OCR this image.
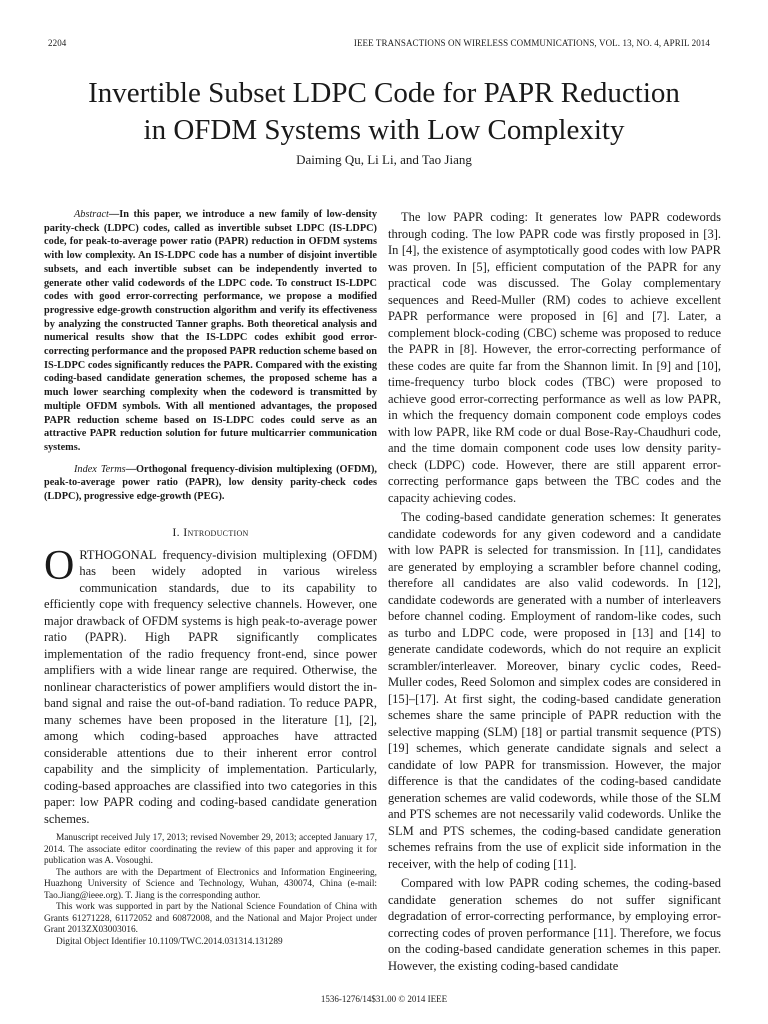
2204	IEEE TRANSACTIONS ON WIRELESS COMMUNICATIONS, VOL. 13, NO. 4, APRIL 2014
Invertible Subset LDPC Code for PAPR Reduction
in OFDM Systems with Low Complexity
Daiming Qu, Li Li, and Tao Jiang

Abstract—In this paper, we introduce a new family of low-density parity-check (LDPC) codes, called as invertible subset LDPC (IS-LDPC) code, for peak-to-average power ratio (PAPR) reduction in OFDM systems with low complexity. An IS-LDPC code has a number of disjoint invertible subsets, and each invertible subset can be independently inverted to generate other valid codewords of the LDPC code. To construct IS-LDPC codes with good error-correcting performance, we propose a modified progressive edge-growth construction algorithm and verify its effectiveness by analyzing the constructed Tanner graphs. Both theoretical analysis and numerical results show that the IS-LDPC codes exhibit good error-correcting performance and the proposed PAPR reduction scheme based on IS-LDPC codes significantly reduces the PAPR. Compared with the existing coding-based candidate generation schemes, the proposed scheme has a much lower searching complexity when the codeword is transmitted by multiple OFDM symbols. With all mentioned advantages, the proposed PAPR reduction scheme based on IS-LDPC codes could serve as an attractive PAPR reduction solution for future multicarrier communication systems.

Index Terms—Orthogonal frequency-division multiplexing (OFDM), peak-to-average power ratio (PAPR), low density parity-check codes (LDPC), progressive edge-growth (PEG).

I. Introduction

ORTHOGONAL frequency-division multiplexing (OFDM) has been widely adopted in various wireless communication standards, due to its capability to efficiently cope with frequency selective channels. However, one major drawback of OFDM systems is high peak-to-average power ratio (PAPR). High PAPR significantly complicates implementation of the radio frequency front-end, since power amplifiers with a wide linear range are required. Otherwise, the nonlinear characteristics of power amplifiers would distort the in-band signal and raise the out-of-band radiation. To reduce PAPR, many schemes have been proposed in the literature [1], [2], among which coding-based approaches have attracted considerable attentions due to their inherent error control capability and the simplicity of implementation. Particularly, coding-based approaches are classified into two categories in this paper: low PAPR coding and coding-based candidate generation schemes.

Manuscript received July 17, 2013; revised November 29, 2013; accepted January 17, 2014. The associate editor coordinating the review of this paper and approving it for publication was A. Vosoughi.

The authors are with the Department of Electronics and Information Engineering, Huazhong University of Science and Technology, Wuhan, 430074, China (e-mail: Tao.Jiang@ieee.org). T. Jiang is the corresponding author.

This work was supported in part by the National Science Foundation of China with Grants 61271228, 61172052 and 60872008, and the National and Major Project under Grant 2013ZX03003016.

Digital Object Identifier 10.1109/TWC.2014.031314.131289

The low PAPR coding: It generates low PAPR codewords through coding. The low PAPR code was firstly proposed in [3]. In [4], the existence of asymptotically good codes with low PAPR was proven. In [5], efficient computation of the PAPR for any practical code was discussed. The Golay complementary sequences and Reed-Muller (RM) codes to achieve excellent PAPR performance were proposed in [6] and [7]. Later, a complement block-coding (CBC) scheme was proposed to reduce the PAPR in [8]. However, the error-correcting performance of these codes are quite far from the Shannon limit. In [9] and [10], time-frequency turbo block codes (TBC) were proposed to achieve good error-correcting performance as well as low PAPR, in which the frequency domain component code employs codes with low PAPR, like RM code or dual Bose-Ray-Chaudhuri code, and the time domain component code uses low density parity-check (LDPC) code. However, there are still apparent error-correcting performance gaps between the TBC codes and the capacity achieving codes.

The coding-based candidate generation schemes: It generates candidate codewords for any given codeword and a candidate with low PAPR is selected for transmission. In [11], candidates are generated by employing a scrambler before channel coding, therefore all candidates are also valid codewords. In [12], candidate codewords are generated with a number of interleavers before channel coding. Employment of random-like codes, such as turbo and LDPC code, were proposed in [13] and [14] to generate candidate codewords, which do not require an explicit scrambler/interleaver. Moreover, binary cyclic codes, Reed-Muller codes, Reed Solomon and simplex codes are considered in [15]–[17]. At first sight, the coding-based candidate generation schemes share the same principle of PAPR reduction with the selective mapping (SLM) [18] or partial transmit sequence (PTS) [19] schemes, which generate candidate signals and select a candidate of low PAPR for transmission. However, the major difference is that the candidates of the coding-based candidate generation schemes are valid codewords, while those of the SLM and PTS schemes are not necessarily valid codewords. Unlike the SLM and PTS schemes, the coding-based candidate generation schemes refrains from the use of explicit side information in the receiver, with the help of coding [11].

Compared with low PAPR coding schemes, the coding-based candidate generation schemes do not suffer significant degradation of error-correcting performance, by employing error-correcting codes of proven performance [11]. Therefore, we focus on the coding-based candidate generation schemes in this paper. However, the existing coding-based candidate

1536-1276/14$31.00 © 2014 IEEE
